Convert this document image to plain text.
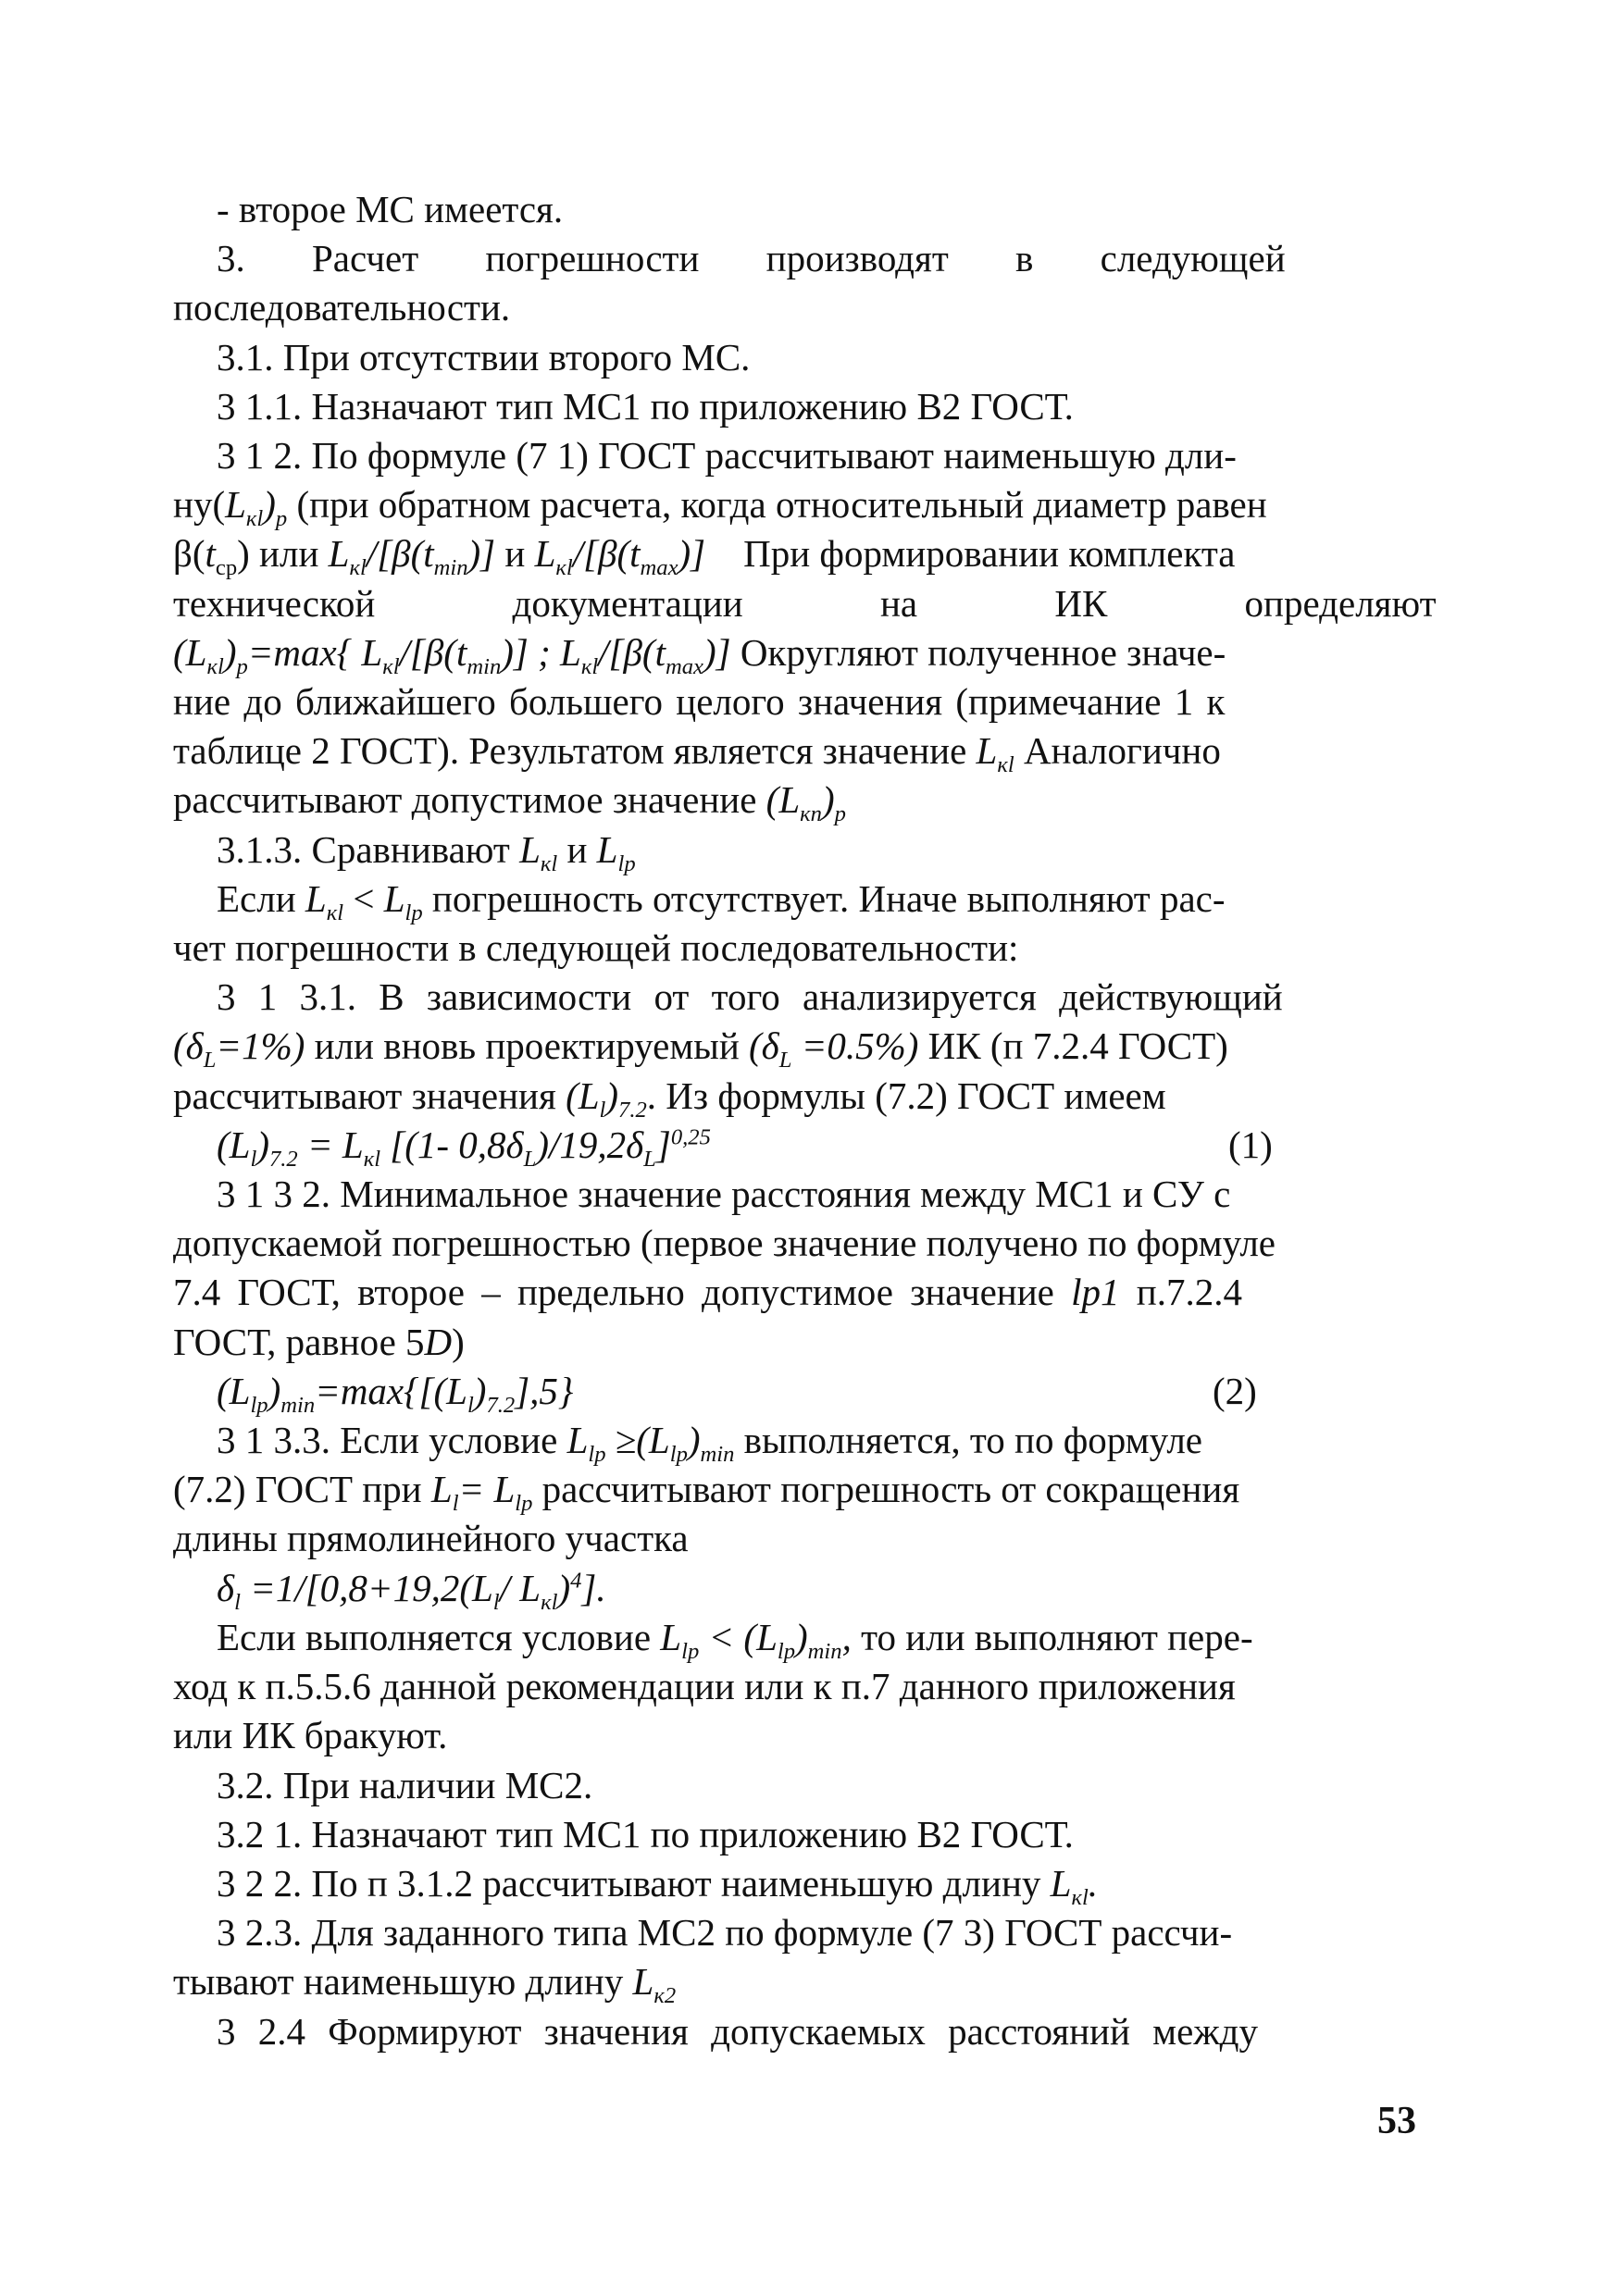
- второе МС имеется.

3. Расчет погрешности производят в следующей

последовательности.

3.1. При отсутствии второго МС.

3 1.1. Назначают тип МС1 по приложению В2 ГОСТ.

3 1 2. По формуле (7 1) ГОСТ рассчитывают наименьшую дли-

$ну(L_{кl})_p$ (при обратном расчета, когда относительный диаметр равен

$\beta(t_{cp})$ или $L_{кl}/[\beta(t_{min})]$ и $L_{кl}/[\beta(t_{max})]$    При формировании комплекта

технической документации на ИК определяют

$(L_{кl})_p=\max${ $L_{кl}/[\beta(t_{min})]$ ; $L_{кl}/[\beta(t_{max})]$ Округляют полученное значе-

ние до ближайшего большего целого значения (примечание 1 к

таблице 2 ГОСТ). Результатом является значение $L_{кl}$ Аналогично

рассчитывают допустимое значение $(L_{кn})_p$

3.1.3. Сравнивают $L_{кl}$ и $L_{lp}$

Если $L_{кl} < L_{lp}$ погрешность отсутствует. Иначе выполняют рас-

чет погрешности в следующей последовательности:

3 1 3.1. В зависимости от того анализируется действующий

$(\delta_L=1\%)$ или вновь проектируемый $(\delta_L =0.5\%)$ ИК (п 7.2.4 ГОСТ)

рассчитывают значения $(L_l)_{7.2}$. Из формулы (7.2) ГОСТ имеем

$(L_l)_{7.2} = L_{кl}$ [(1- $0,8\delta_L)/19,2\delta_L]^{0,25}$	(1)

3 1 3 2. Минимальное значение расстояния между МС1 и СУ с

допускаемой погрешностью (первое значение получено по формуле

7.4 ГОСТ, второе – предельно допустимое значение lp1 п.7.2.4

ГОСТ, равное 5D)

$(L_{lp})_{min}=\max\{[(L_l)_{7.2}],5\}$	(2)

3 1 3.3. Если условие $L_{lp} \ge(L_{lp})_{min}$ выполняется, то по формуле

(7.2) ГОСТ при $L_l= L_{lp}$ рассчитывают погрешность от сокращения

длины прямолинейного участка

$\delta_l =1/[0,8+19,2(L_l/$ $L_{кl})^4$].

Если выполняется условие $L_{lp} < (L_{lp})_{min}$, то или выполняют пере-

ход к п.5.5.6 данной рекомендации или к п.7 данного приложения

или ИК бракуют.

3.2. При наличии МС2.

3.2 1. Назначают тип МС1 по приложению В2 ГОСТ.

3 2 2. По п 3.1.2 рассчитывают наименьшую длину $L_{кl}$.

3 2.3. Для заданного типа МС2 по формуле (7 3) ГОСТ рассчи-

тывают наименьшую длину $L_{к2}$

3 2.4 Формируют значения допускаемых расстояний между

53
